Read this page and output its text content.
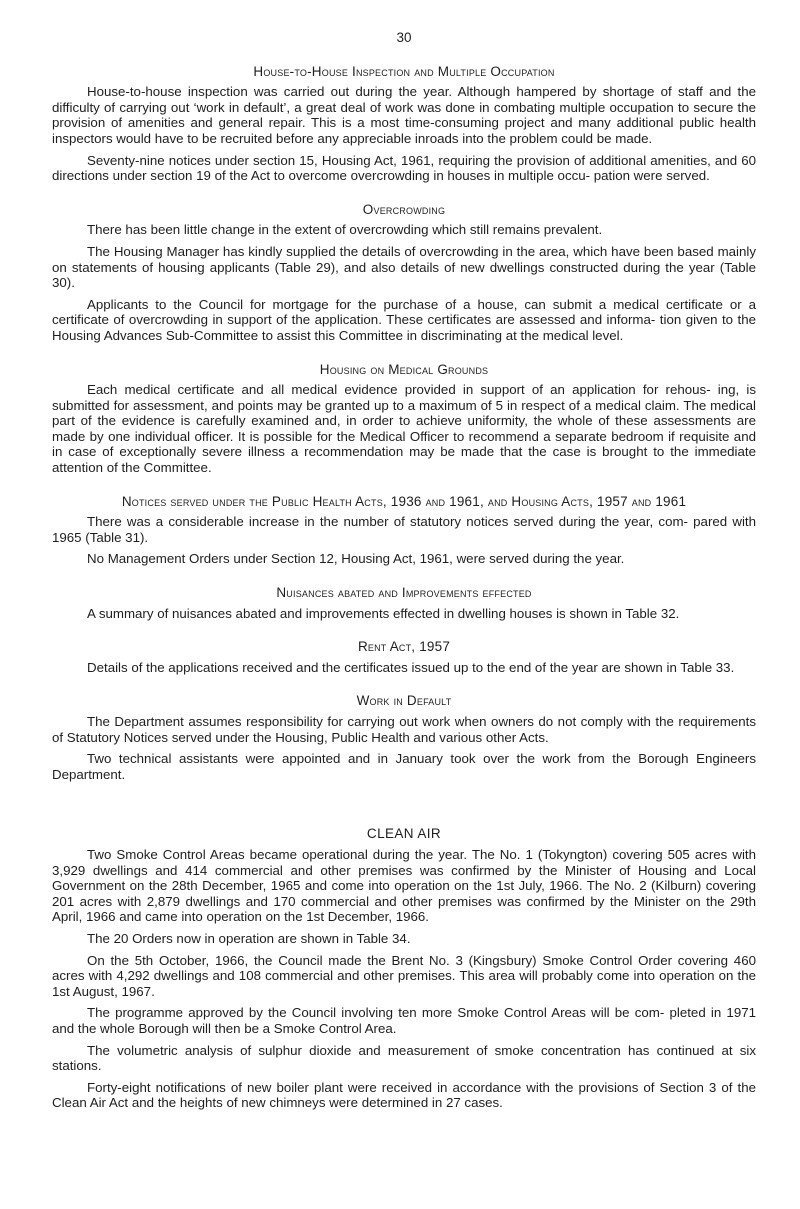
30
House-to-House Inspection and Multiple Occupation

House-to-house inspection was carried out during the year. Although hampered by shortage of staff and the difficulty of carrying out ‘work in default’, a great deal of work was done in combating multiple occupation to secure the provision of amenities and general repair. This is a most time-consuming project and many additional public health inspectors would have to be recruited before any appreciable inroads into the problem could be made.

Seventy-nine notices under section 15, Housing Act, 1961, requiring the provision of additional amenities, and 60 directions under section 19 of the Act to overcome overcrowding in houses in multiple occu- pation were served.

Overcrowding

There has been little change in the extent of overcrowding which still remains prevalent.

The Housing Manager has kindly supplied the details of overcrowding in the area, which have been based mainly on statements of housing applicants (Table 29), and also details of new dwellings constructed during the year (Table 30).

Applicants to the Council for mortgage for the purchase of a house, can submit a medical certificate or a certificate of overcrowding in support of the application. These certificates are assessed and informa- tion given to the Housing Advances Sub-Committee to assist this Committee in discriminating at the medical level.

Housing on Medical Grounds

Each medical certificate and all medical evidence provided in support of an application for rehous- ing, is submitted for assessment, and points may be granted up to a maximum of 5 in respect of a medical claim. The medical part of the evidence is carefully examined and, in order to achieve uniformity, the whole of these assessments are made by one individual officer. It is possible for the Medical Officer to recommend a separate bedroom if requisite and in case of exceptionally severe illness a recommendation may be made that the case is brought to the immediate attention of the Committee.

Notices served under the Public Health Acts, 1936 and 1961, and Housing Acts, 1957 and 1961

There was a considerable increase in the number of statutory notices served during the year, com- pared with 1965 (Table 31).

No Management Orders under Section 12, Housing Act, 1961, were served during the year.

Nuisances abated and Improvements effected

A summary of nuisances abated and improvements effected in dwelling houses is shown in Table 32.

Rent Act, 1957

Details of the applications received and the certificates issued up to the end of the year are shown in Table 33.

Work in Default

The Department assumes responsibility for carrying out work when owners do not comply with the requirements of Statutory Notices served under the Housing, Public Health and various other Acts.

Two technical assistants were appointed and in January took over the work from the Borough Engineers Department.

CLEAN AIR

Two Smoke Control Areas became operational during the year. The No. 1 (Tokyngton) covering 505 acres with 3,929 dwellings and 414 commercial and other premises was confirmed by the Minister of Housing and Local Government on the 28th December, 1965 and come into operation on the 1st July, 1966. The No. 2 (Kilburn) covering 201 acres with 2,879 dwellings and 170 commercial and other premises was confirmed by the Minister on the 29th April, 1966 and came into operation on the 1st December, 1966.

The 20 Orders now in operation are shown in Table 34.

On the 5th October, 1966, the Council made the Brent No. 3 (Kingsbury) Smoke Control Order covering 460 acres with 4,292 dwellings and 108 commercial and other premises. This area will probably come into operation on the 1st August, 1967.

The programme approved by the Council involving ten more Smoke Control Areas will be com- pleted in 1971 and the whole Borough will then be a Smoke Control Area.

The volumetric analysis of sulphur dioxide and measurement of smoke concentration has continued at six stations.

Forty-eight notifications of new boiler plant were received in accordance with the provisions of Section 3 of the Clean Air Act and the heights of new chimneys were determined in 27 cases.
